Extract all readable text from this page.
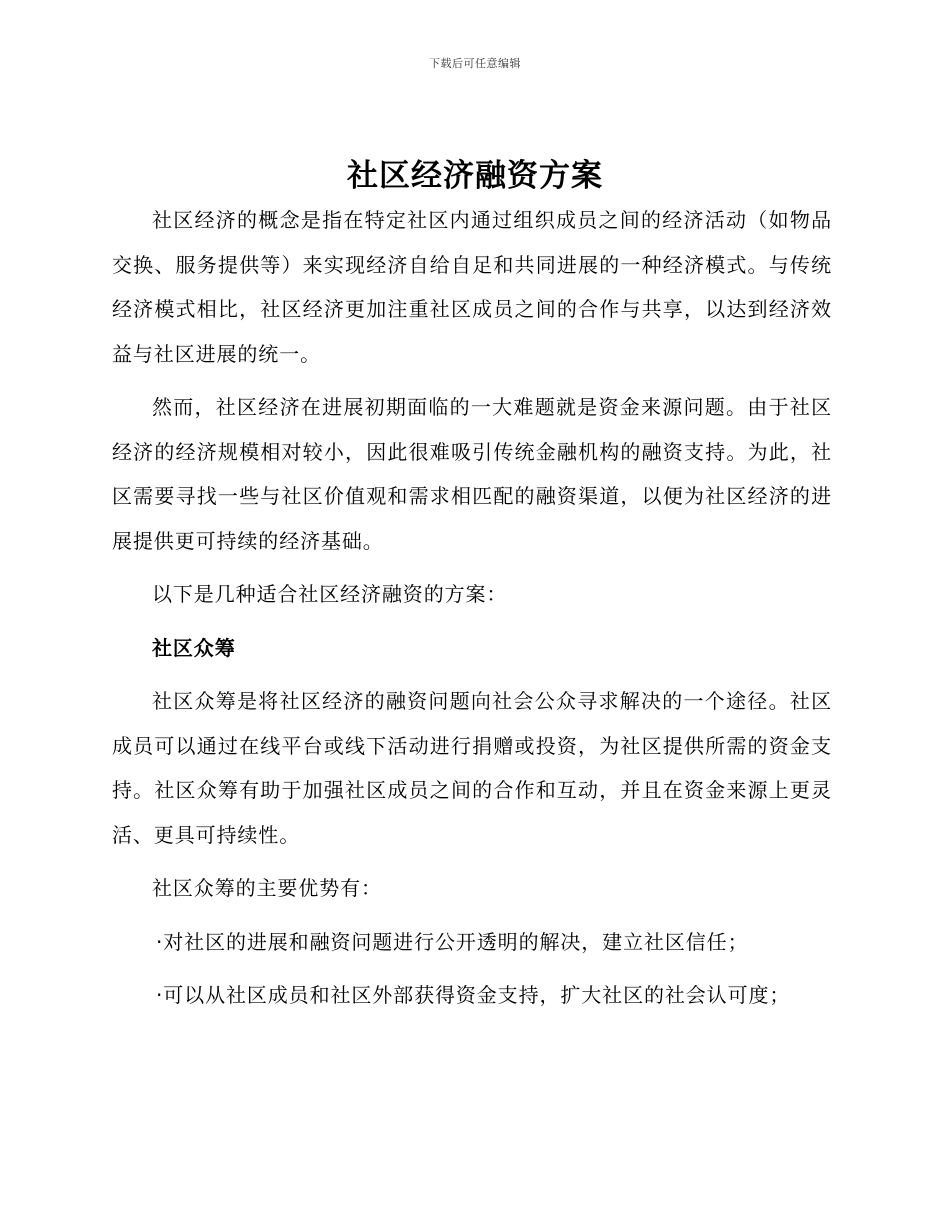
下载后可任意编辑
社区经济融资方案

社区经济的概念是指在特定社区内通过组织成员之间的经济活动（如物品交换、服务提供等）来实现经济自给自足和共同进展的一种经济模式。与传统经济模式相比，社区经济更加注重社区成员之间的合作与共享，以达到经济效益与社区进展的统一。

然而，社区经济在进展初期面临的一大难题就是资金来源问题。由于社区经济的经济规模相对较小，因此很难吸引传统金融机构的融资支持。为此，社区需要寻找一些与社区价值观和需求相匹配的融资渠道，以便为社区经济的进展提供更可持续的经济基础。

以下是几种适合社区经济融资的方案：

社区众筹

社区众筹是将社区经济的融资问题向社会公众寻求解决的一个途径。社区成员可以通过在线平台或线下活动进行捐赠或投资，为社区提供所需的资金支持。社区众筹有助于加强社区成员之间的合作和互动，并且在资金来源上更灵活、更具可持续性。

社区众筹的主要优势有：

·对社区的进展和融资问题进行公开透明的解决，建立社区信任；
·可以从社区成员和社区外部获得资金支持，扩大社区的社会认可度；
